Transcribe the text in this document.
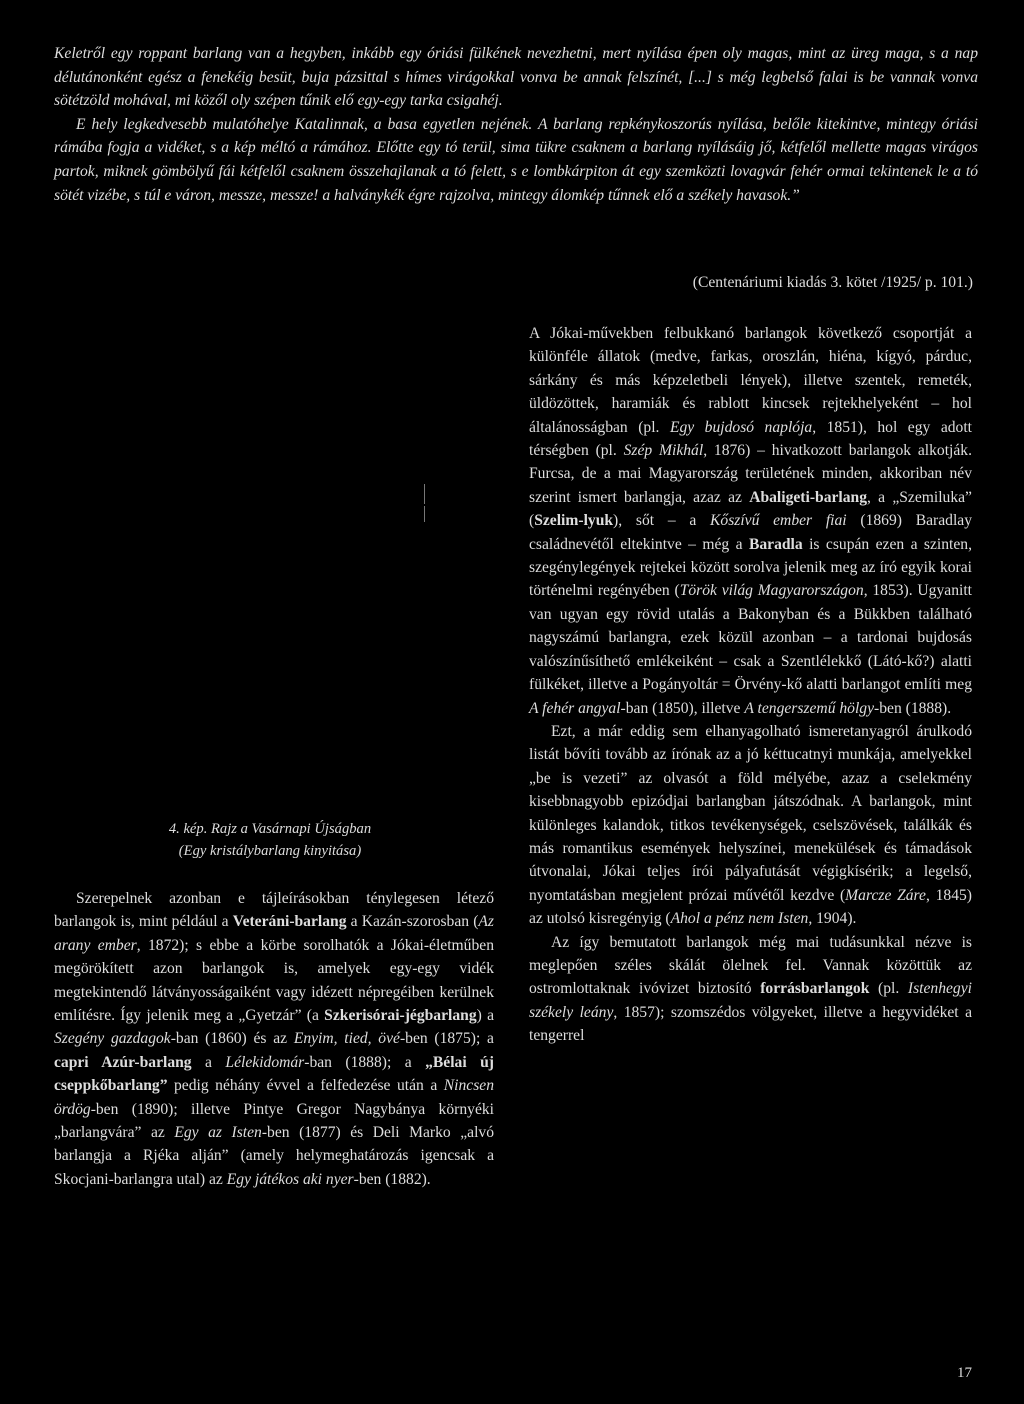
Keletről egy roppant barlang van a hegyben, inkább egy óriási fülkének nevezhetni, mert nyílása épen oly magas, mint az üreg maga, s a nap délutánonként egész a fenekéig besüt, buja pázsittal s hímes virágokkal vonva be annak felszínét, [...] s még legbelső falai is be vannak vonva sötétzöld mohával, mi közől oly szépen tűnik elő egy-egy tarka csigahéj.

E hely legkedvesebb mulatóhelye Katalinnak, a basa egyetlen nejének. A barlang repkénykoszorús nyílása, belőle kitekintve, mintegy óriási rámába fogja a vidéket, s a kép méltó a rámához. Előtte egy tó terül, sima tükre csaknem a barlang nyílásáig jő, kétfelől mellette magas virágos partok, miknek gömbölyű fái kétfelől csaknem összehajlanak a tó felett, s e lombkárpiton át egy szemközti lovagvár fehér ormai tekintenek le a tó sötét vizébe, s túl e váron, messze, messze! a halványkék égre rajzolva, mintegy álomkép tűnnek elő a székely havasok.”

(Centenáriumi kiadás 3. kötet /1925/ p. 101.)
4. kép. Rajz a Vasárnapi Újságban
(Egy kristálybarlang kinyitása)

Szerepelnek azonban e tájleírásokban ténylegesen létező barlangok is, mint például a Veteráni-barlang a Kazán-szorosban (Az arany ember, 1872); s ebbe a körbe sorolhatók a Jókai-életműben megörökített azon barlangok is, amelyek egy-egy vidék megtekintendő látványosságaiként vagy idézett népregéiben kerülnek említésre. Így jelenik meg a „Gyetzár” (a Szkerisórai-jégbarlang) a Szegény gazdagok-ban (1860) és az Enyim, tied, övé-ben (1875); a capri Azúr-barlang a Lélekidomár-ban (1888); a „Bélai új cseppkőbarlang” pedig néhány évvel a felfedezése után a Nincsen ördög-ben (1890); illetve Pintye Gregor Nagybánya környéki „barlangvára” az Egy az Isten-ben (1877) és Deli Marko „alvó barlangja a Rjéka alján” (amely helymeghatározás igencsak a Skocjani-barlangra utal) az Egy játékos aki nyer-ben (1882).

A Jókai-művekben felbukkanó barlangok következő csoportját a különféle állatok (medve, farkas, oroszlán, hiéna, kígyó, párduc, sárkány és más képzeletbeli lények), illetve szentek, remeték, üldözöttek, haramiák és rablott kincsek rejtekhelyeként – hol általánosságban (pl. Egy bujdosó naplója, 1851), hol egy adott térségben (pl. Szép Mikhál, 1876) – hivatkozott barlangok alkotják. Furcsa, de a mai Magyarország területének minden, akkoriban név szerint ismert barlangja, azaz az Abaligeti-barlang, a „Szemiluka” (Szelim-lyuk), sőt – a Kőszívű ember fiai (1869) Baradlay családnevétől eltekintve – még a Baradla is csupán ezen a szinten, szegénylegények rejtekei között sorolva jelenik meg az író egyik korai történelmi regényében (Török világ Magyarországon, 1853). Ugyanitt van ugyan egy rövid utalás a Bakonyban és a Bükkben található nagyszámú barlangra, ezek közül azonban – a tardonai bujdosás valószínűsíthető emlékeiként – csak a Szentlélekkő (Látó-kő?) alatti fülkéket, illetve a Pogányoltár = Örvény-kő alatti barlangot említi meg A fehér angyal-ban (1850), illetve A tengerszemű hölgy-ben (1888).

Ezt, a már eddig sem elhanyagolható ismeretanyagról árulkodó listát bővíti tovább az írónak az a jó kéttucatnyi munkája, amelyekkel „be is vezeti” az olvasót a föld mélyébe, azaz a cselekmény kisebbnagyobb epizódjai barlangban játszódnak. A barlangok, mint különleges kalandok, titkos tevékenységek, cselszövések, találkák és más romantikus események helyszínei, menekülések és támadások útvonalai, Jókai teljes írói pályafutását végigkísérik; a legelső, nyomtatásban megjelent prózai művétől kezdve (Marcze Záre, 1845) az utolsó kisregényig (Ahol a pénz nem Isten, 1904).

Az így bemutatott barlangok még mai tudásunkkal nézve is meglepően széles skálát ölelnek fel. Vannak közöttük az ostromlottaknak ivóvizet biztosító forrásbarlangok (pl. Istenhegyi székely leány, 1857); szomszédos völgyeket, illetve a hegyvidéket a tengerrel

17
